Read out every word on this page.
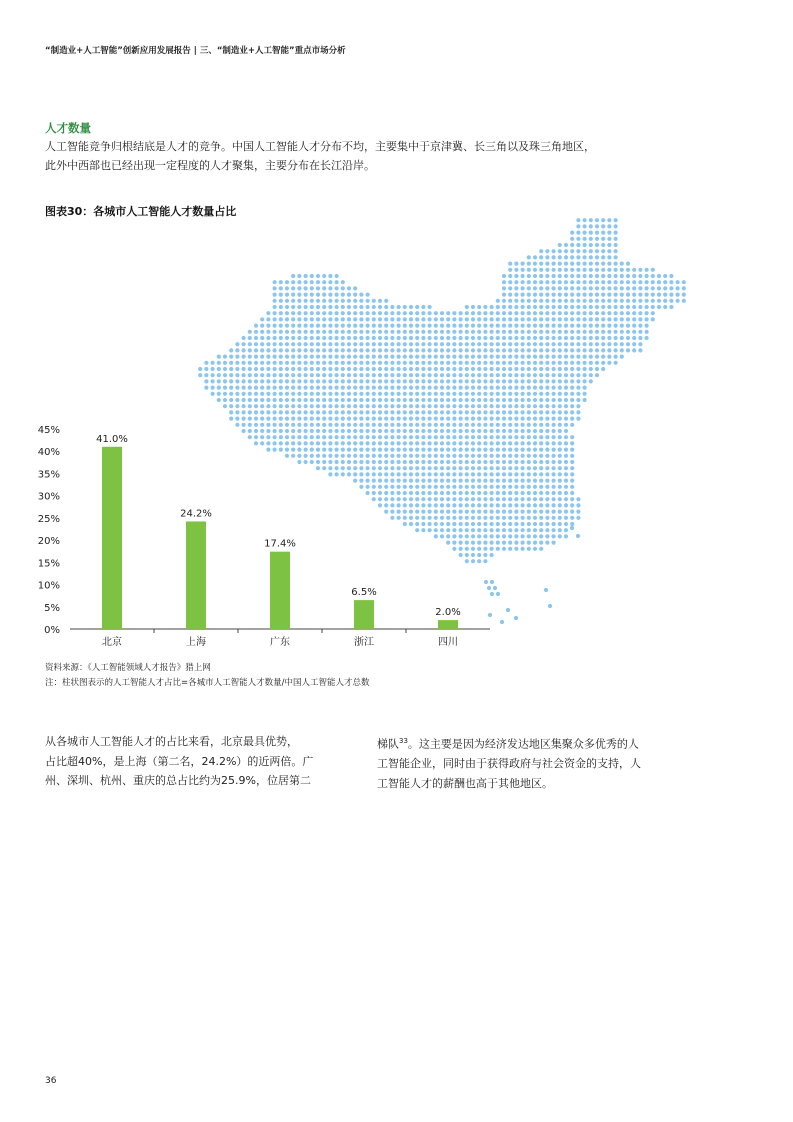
“制造业+人工智能”创新应用发展报告 | 三、“制造业+人工智能”重点市场分析
人才数量
人工智能竞争归根结底是人才的竞争。中国人工智能人才分布不均，主要集中于京津冀、长三角以及珠三角地区，
此外中西部也已经出现一定程度的人才聚集，主要分布在长江沿岸。
图表30：各城市人工智能人才数量占比
0%
5%
10%
15%
20%
25%
30%
35%
40%
45%
41.0%
北京
24.2%
上海
17.4%
广东
6.5%
浙江
2.0%
四川
资料来源：《人工智能领域人才报告》猎上网
注：柱状图表示的人工智能人才占比=各城市人工智能人才数量/中国人工智能人才总数
从各城市人工智能人才的占比来看，北京最具优势，
占比超40%，是上海（第二名，24.2%）的近两倍。广
州、深圳、杭州、重庆的总占比约为25.9%，位居第二
梯队$^{33}$。这主要是因为经济发达地区集聚众多优秀的人
工智能企业，同时由于获得政府与社会资金的支持，人
工智能人才的薪酬也高于其他地区。
36
